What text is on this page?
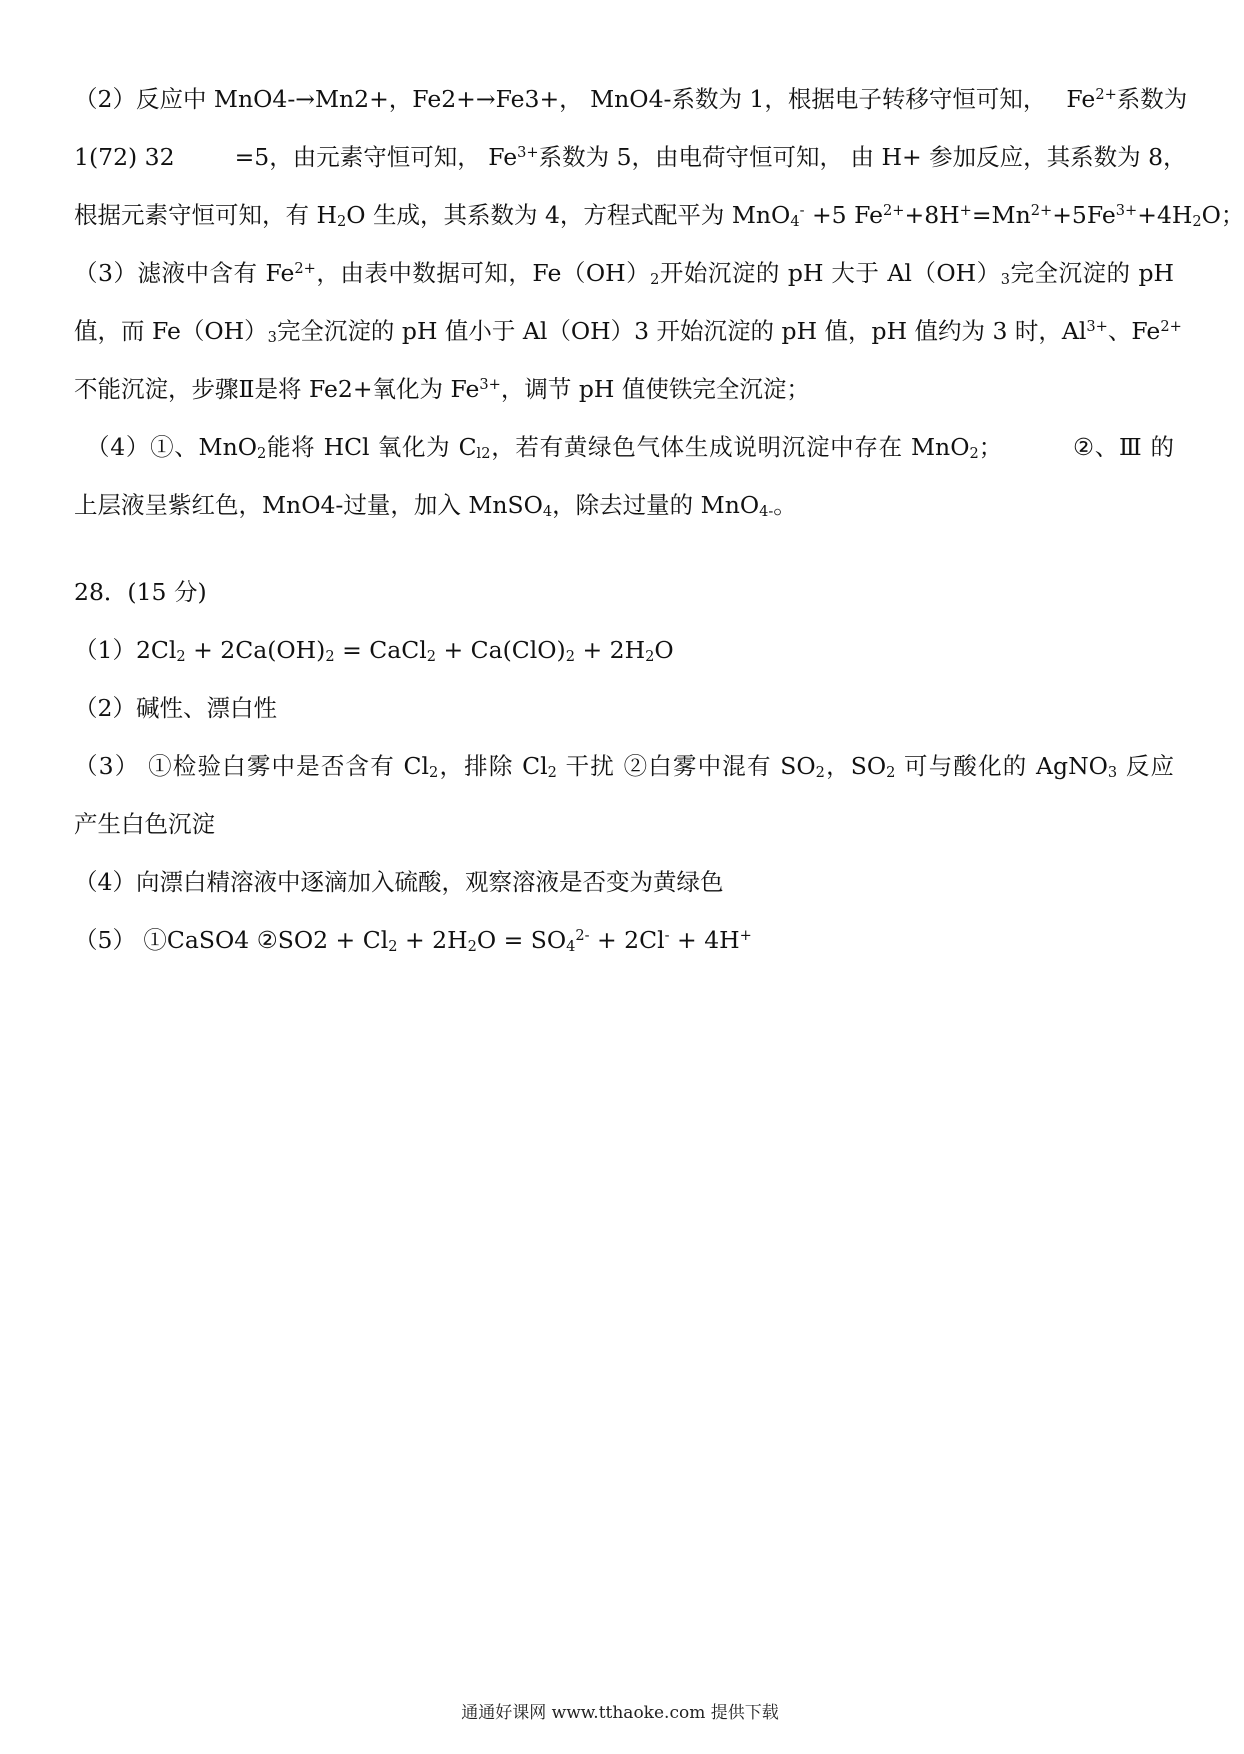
（2）反应中 MnO4-→Mn2+，Fe2+→Fe3+， MnO4-系数为 1，根据电子转移守恒可知， $Fe^{2+}$系数为
1(72) 32	=5，由元素守恒可知， $Fe^{3+}$系数为 5，由电荷守恒可知， 由 H+ 参加反应，其系数为 8，
根据元素守恒可知，有 $H_2O$ 生成，其系数为 4，方程式配平为 MnO$_4$- +5 $Fe^{2+}+8H^+=Mn^{2+}+5Fe^{3+}+4H_2O$；
（3）滤液中含有 $Fe^{2+}$，由表中数据可知，$Fe(OH)_2$开始沉淀的 pH 大于 $Al(OH)_3$完全沉淀的 pH
值，而 $Fe(OH)_3$完全沉淀的 pH 值小于 Al（OH）3 开始沉淀的 pH 值，pH 值约为 3 时，$Al^{3+}$、$Fe^{2+}$
不能沉淀，步骤Ⅱ是将 Fe2+氧化为 $Fe^{3+}$，调节 pH 值使铁完全沉淀；
（4）①、MnO$_2$能将 HCl 氧化为 $C_{l2}$，若有黄绿色气体生成说明沉淀中存在 MnO$_2$；	②、Ⅲ 的
上层液呈紫红色，MnO4-过量，加入 MnSO$_4$，除去过量的 MnO$_{4-}$。
28．(15 分)
$(1)2Cl_2 + 2Ca(OH)_2$ = CaCl$_2$ + $Ca(ClO)_2 + 2H_2O$
（2）碱性、漂白性
（3） ①检验白雾中是否含有 $Cl_2$，排除 $Cl_2$ 干扰 ②白雾中混有 $SO_2$，$SO_2$ 可与酸化的 AgNO$_3$ 反应
产生白色沉淀
（4）向漂白精溶液中逐滴加入硫酸，观察溶液是否变为黄绿色
（5） ①CaSO4 ②SO2 + $Cl_2 + 2H_2O = SO_4^{2-} + 2Cl^- + 4H^+$
通通好课网 www.tthaoke.com 提供下载
